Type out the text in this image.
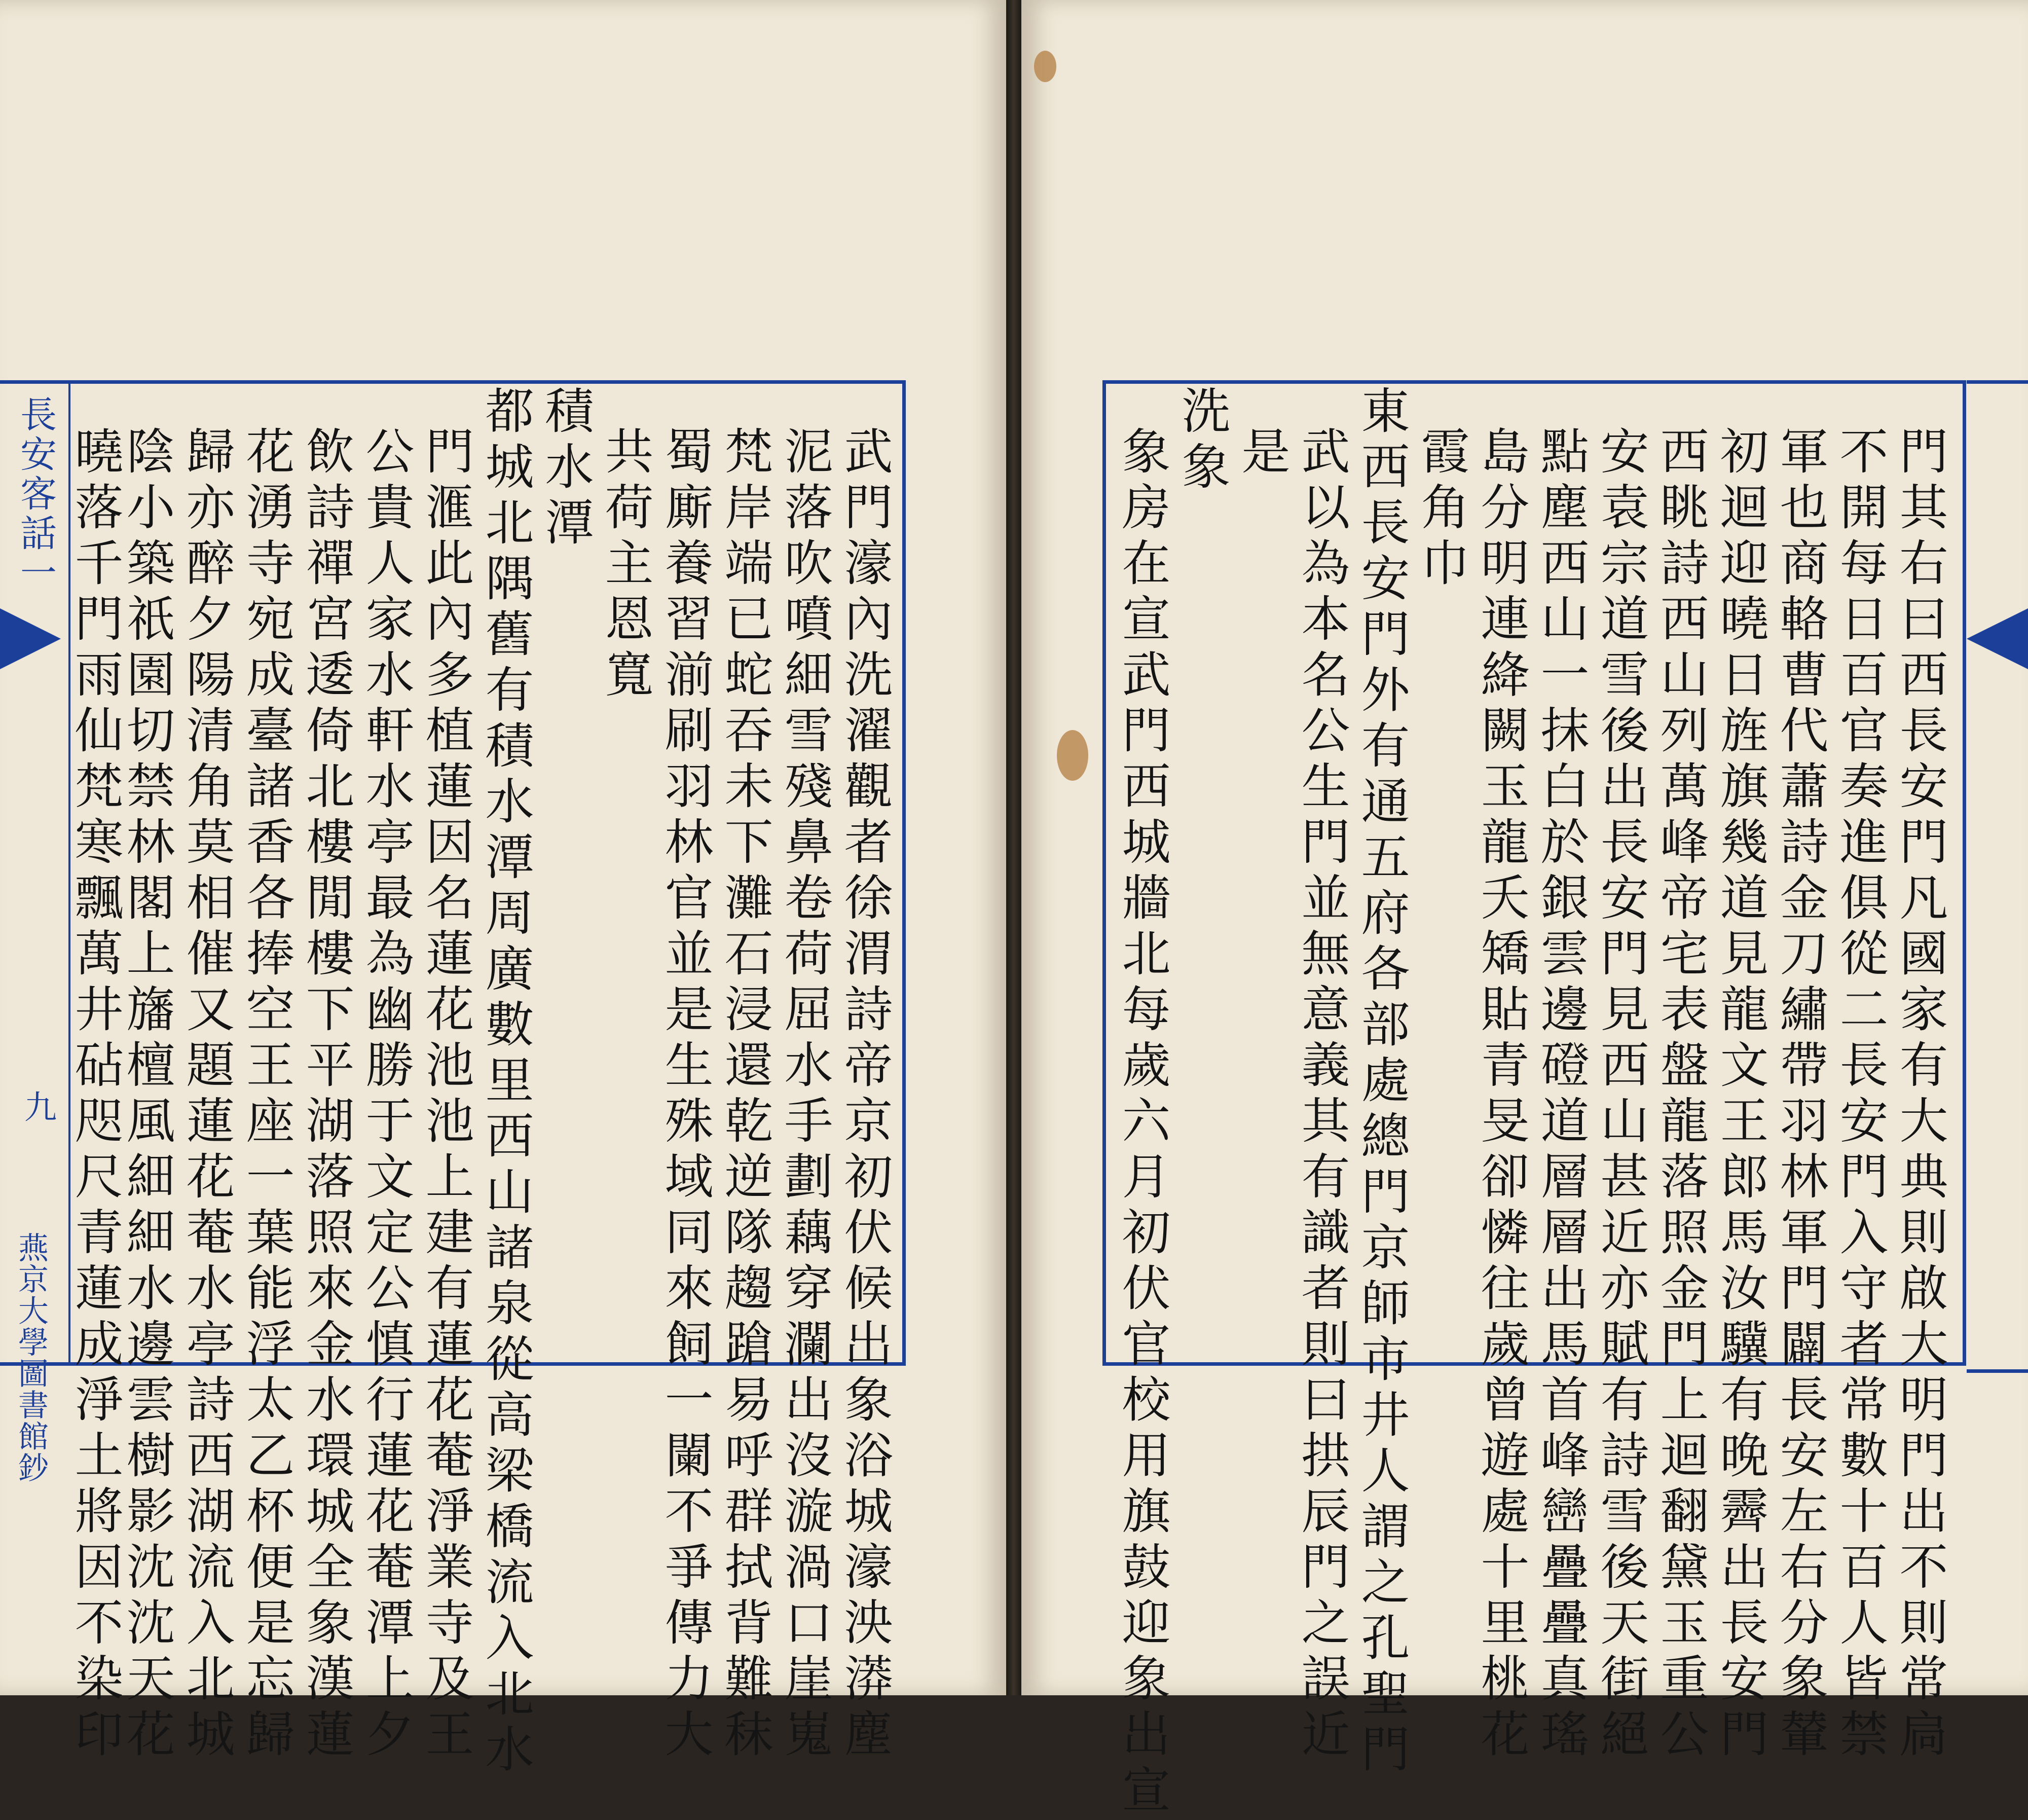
長安客話一
九
燕京大學圖書館鈔	武門濠內洗濯觀者徐渭詩帝京初伏候出象浴城濠泱漭塵
泥落吹噴細雪殘鼻卷荷屈水手劃藕穿瀾出沒漩渦口崖嵬
梵岸端已蛇吞未下灘石浸還乾逆隊趨蹌易呼群拭背難秣
蜀廝養習湔刷羽林官並是生殊域同來飼一闌不爭傳力大
共荷主恩寬
積水潭
都城北隅舊有積水潭周廣數里西山諸泉從高梁橋流入北水
門滙此內多植蓮因名蓮花池池上建有蓮花菴淨業寺及王
公貴人家水軒水亭最為幽勝于文定公慎行蓮花菴潭上夕
飲詩禪宮逶倚北樓閒樓下平湖落照來金水環城全象漢蓮
花湧寺宛成臺諸香各捧空王座一葉能浮太乙杯便是忘歸
歸亦醉夕陽清角莫相催又題蓮花菴水亭詩西湖流入北城
陰小築祇園切禁林閣上旛檀風細細水邊雲樹影沈沈天花
曉落千門雨仙梵寒飄萬井砧咫尺青蓮成淨土將因不染印	門其右曰西長安門凡國家有大典則啟大明門出不則常扃
不開每日百官奏進俱從二長安門入守者常數十百人皆禁
軍也商輅曹代蕭詩金刀繡帶羽林軍門闢長安左右分象輦
初迴迎曉日旌旗幾道見龍文王郎馬汝驥有晚霽出長安門
西眺詩西山列萬峰帝宅表盤龍落照金門上迴翻黛玉重公
安袁宗道雪後出長安門見西山甚近亦賦有詩雪後天街絕
點塵西山一抹白於銀雲邊磴道層層出馬首峰巒疊疊真瑤
島分明連絳闕玉龍夭矯貼青旻卻憐往歲曾遊處十里桃花
霞角巾
東西長安門外有通五府各部處總門京師市井人謂之孔聖門
武以為本名公生門並無意義其有識者則曰拱辰門之誤近
是
洗象
象房在宣武門西城牆北每歲六月初伏官校用旗鼓迎象出宣
